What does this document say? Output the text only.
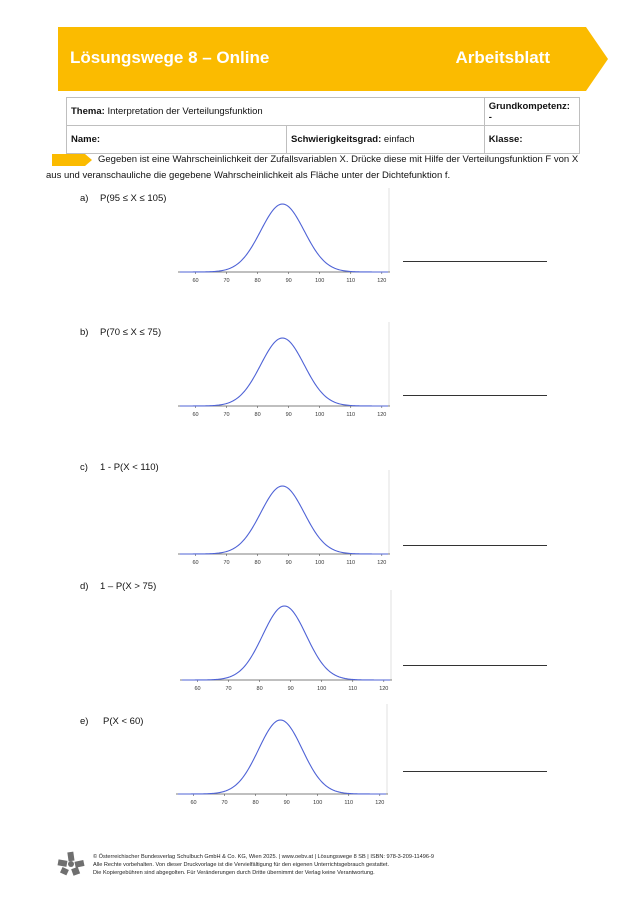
Lösungswege 8 – Online	Arbeitsblatt
Thema: Interpretation der Verteilungsfunktion		Grundkompetenz: -
Name:	Schwierigkeitsgrad: einfach	Klasse:
Gegeben ist eine Wahrscheinlichkeit der Zufallsvariablen X. Drücke diese mit Hilfe der Verteilungsfunktion F von X aus und veranschauliche die gegebene Wahrscheinlichkeit als Fläche unter der Dichtefunktion f.
a) P(95 ≤ X ≤ 105)
60	70	80	90	100	110	120
b) P(70 ≤ X ≤ 75)
60	70	80	90	100	110	120
c) 1 - P(X < 110)
60	70	80	90	100	110	120
d) 1 – P(X > 75)
60	70	80	90	100	110	120
e) P(X < 60)
60	70	80	90	100	110	120
© Österreichischer Bundesverlag Schulbuch GmbH & Co. KG, Wien 2025. | www.oebv.at | Lösungswege 8 SB | ISBN: 978-3-209-11496-9
Alle Rechte vorbehalten. Von dieser Druckvorlage ist die Vervielfältigung für den eigenen Unterrichtsgebrauch gestattet.
Die Kopiergebühren sind abgegolten. Für Veränderungen durch Dritte übernimmt der Verlag keine Verantwortung.
